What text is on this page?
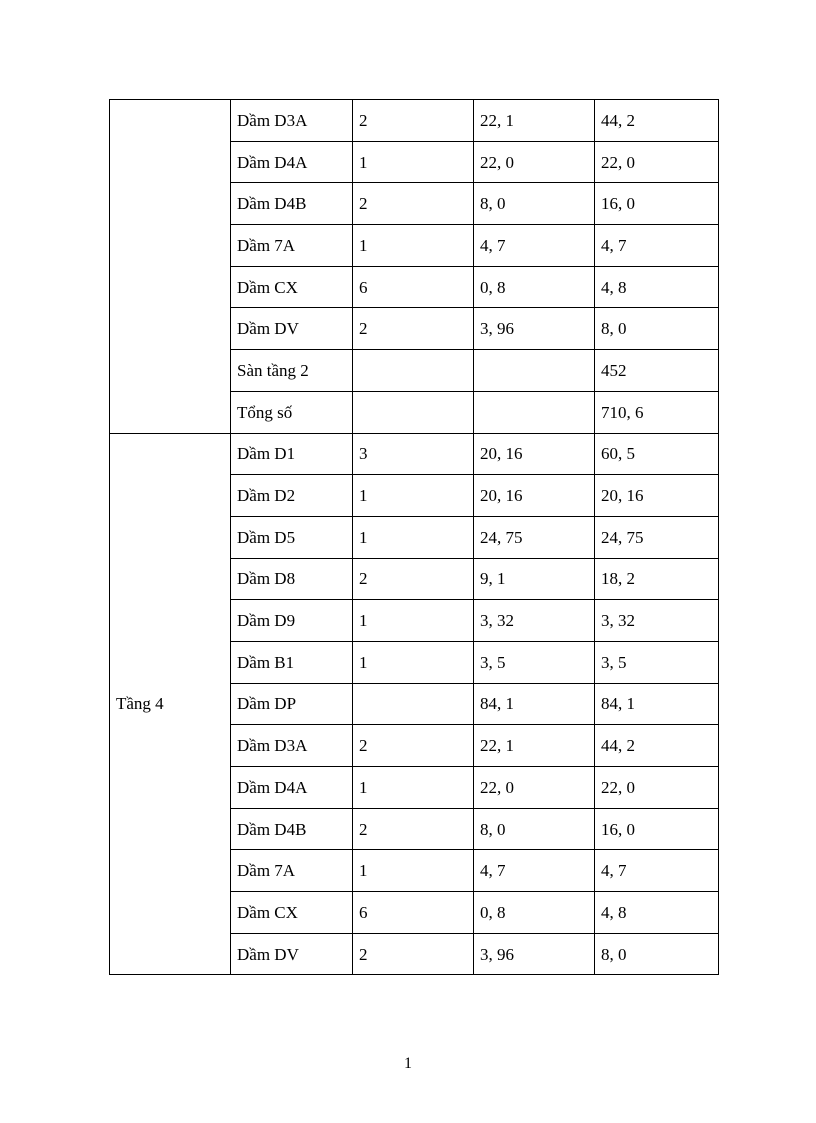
	Dầm D3A	2	22, 1	44, 2
	Dầm D4A	1	22, 0	22, 0
	Dầm D4B	2	8, 0	16, 0
	Dầm 7A	1	4, 7	4, 7
	Dầm CX	6	0, 8	4, 8
	Dầm DV	2	3, 96	8, 0
	Sàn tầng 2			452
	Tổng số			710, 6
Tầng 4	Dầm D1	3	20, 16	60, 5
	Dầm D2	1	20, 16	20, 16
	Dầm D5	1	24, 75	24, 75
	Dầm D8	2	9, 1	18, 2
	Dầm D9	1	3, 32	3, 32
	Dầm B1	1	3, 5	3, 5
	Dầm DP		84, 1	84, 1
	Dầm D3A	2	22, 1	44, 2
	Dầm D4A	1	22, 0	22, 0
	Dầm D4B	2	8, 0	16, 0
	Dầm 7A	1	4, 7	4, 7
	Dầm CX	6	0, 8	4, 8
	Dầm DV	2	3, 96	8, 0
1
